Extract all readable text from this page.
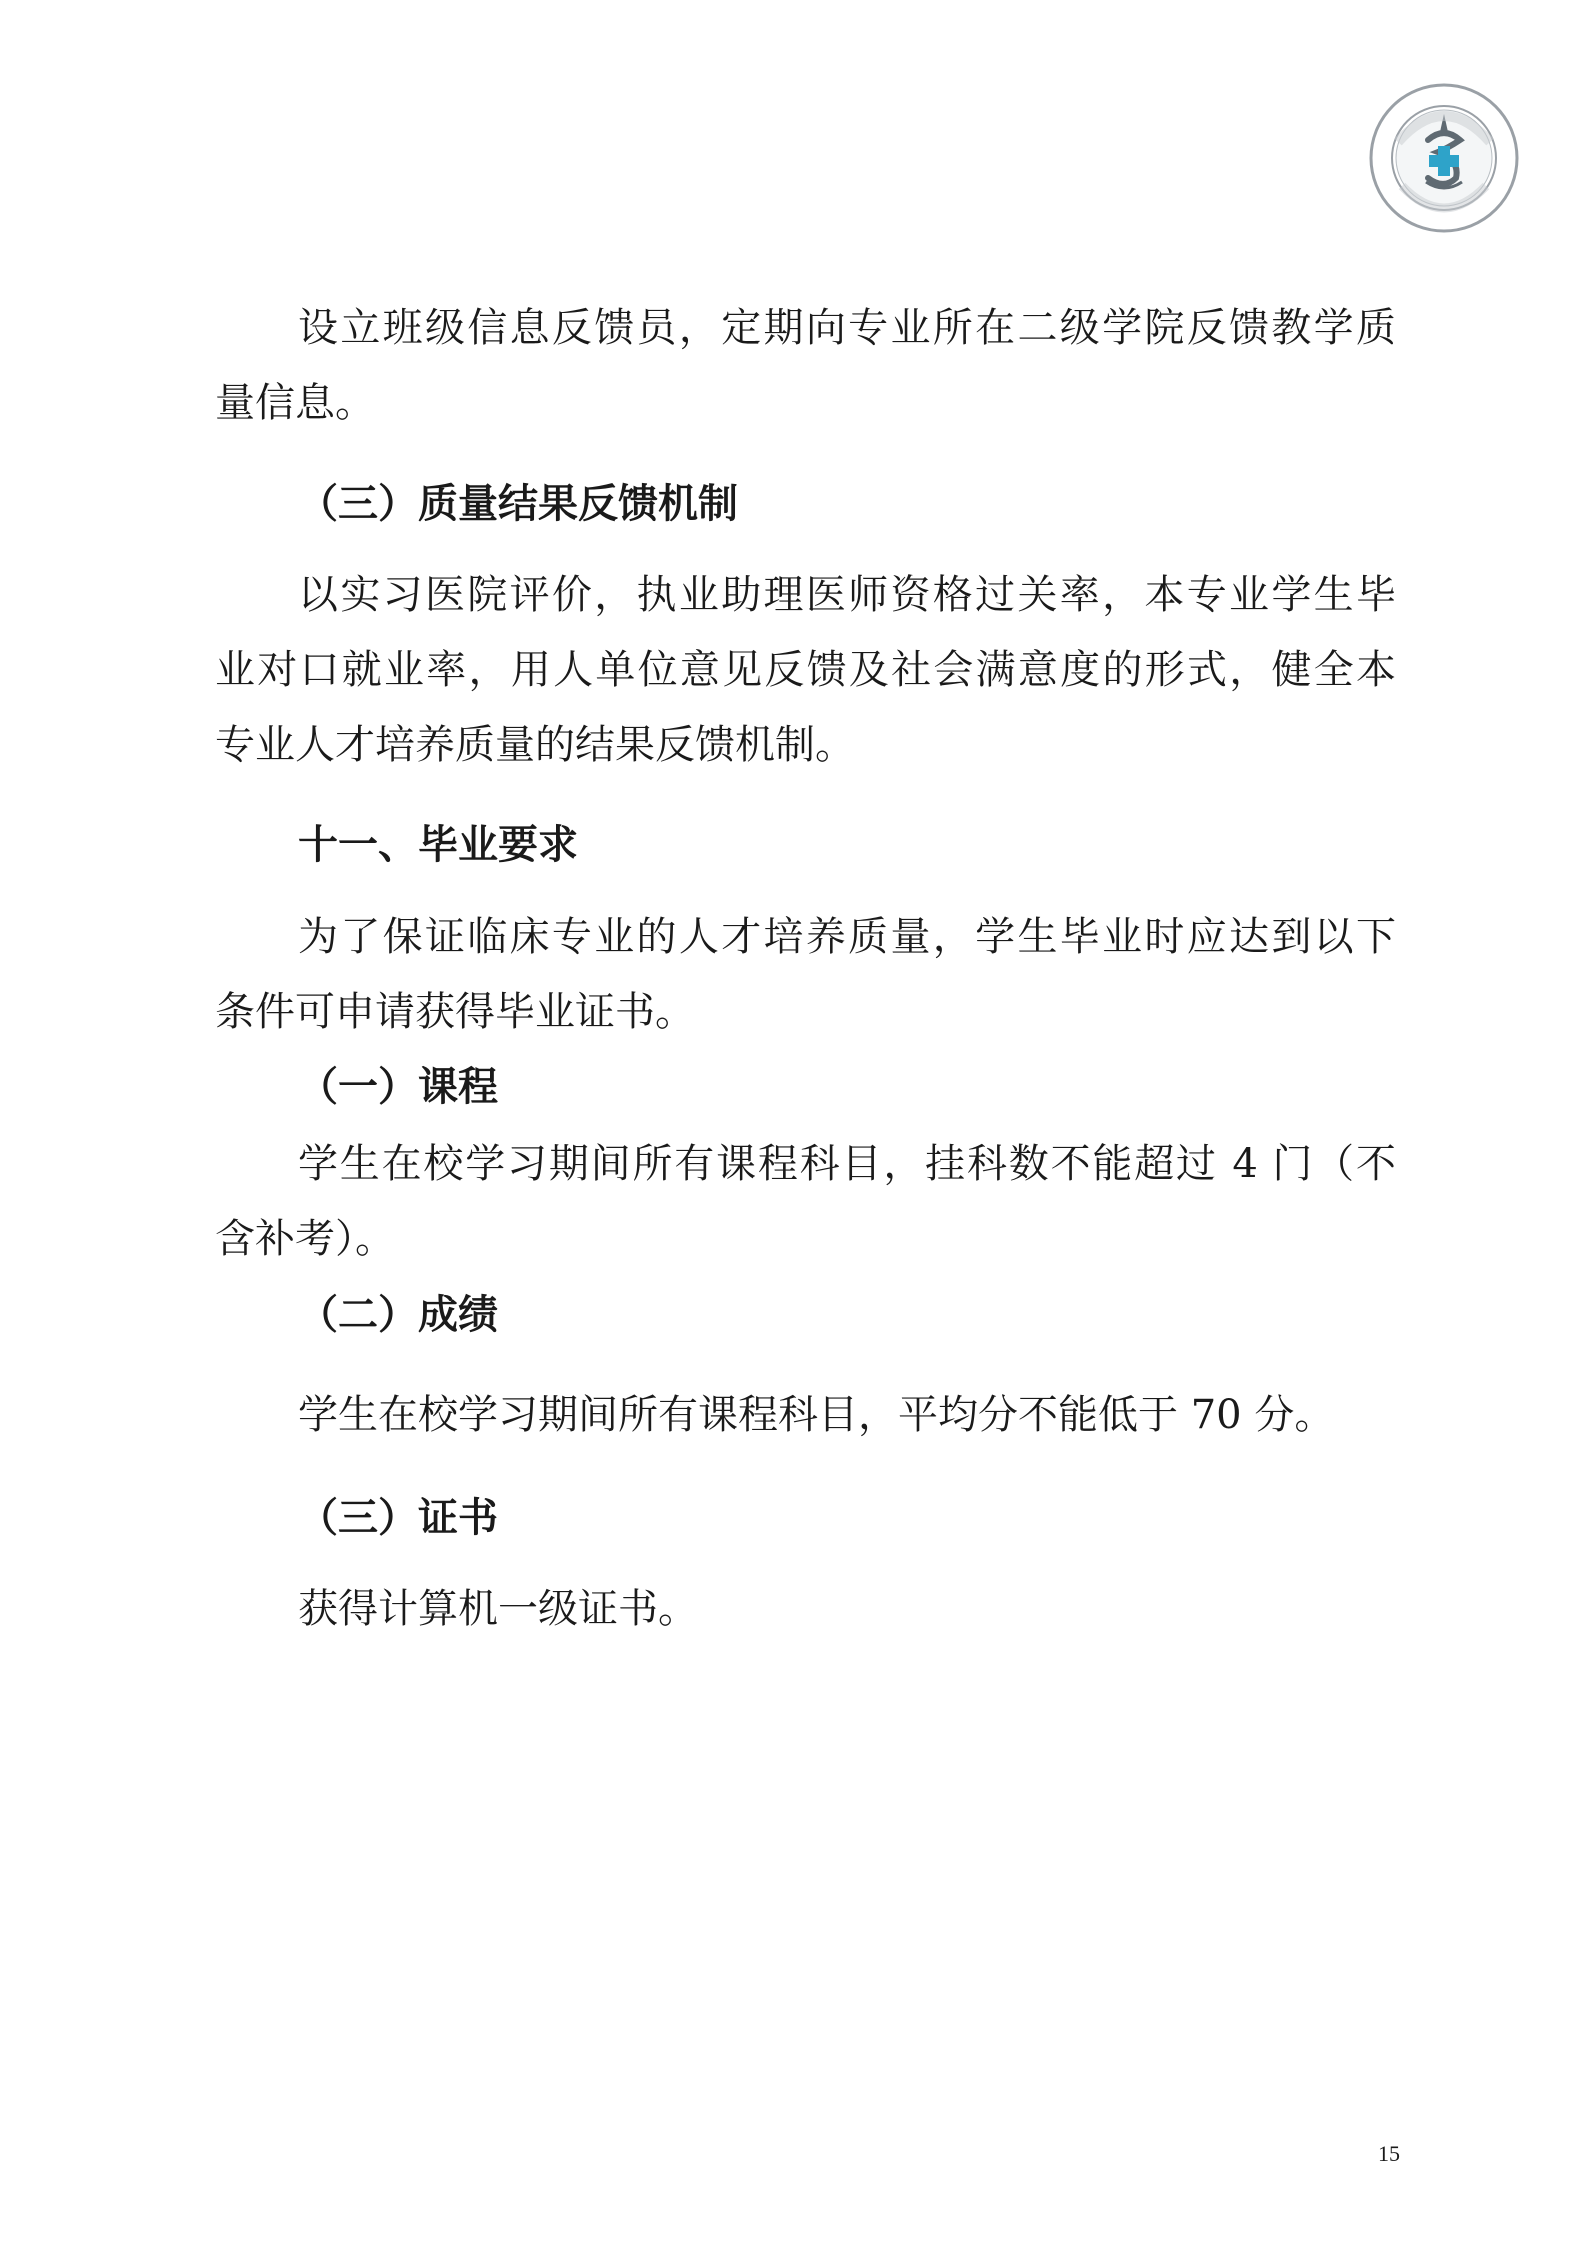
设立班级信息反馈员，定期向专业所在二级学院反馈教学质
量信息。
（三）质量结果反馈机制
以实习医院评价，执业助理医师资格过关率，本专业学生毕
业对口就业率，用人单位意见反馈及社会满意度的形式，健全本
专业人才培养质量的结果反馈机制。
十一、毕业要求
为了保证临床专业的人才培养质量，学生毕业时应达到以下
条件可申请获得毕业证书。
（一）课程
学生在校学习期间所有课程科目，挂科数不能超过 4 门（不
含补考）。
（二）成绩
学生在校学习期间所有课程科目，平均分不能低于 70 分。
（三）证书
获得计算机一级证书。
15
